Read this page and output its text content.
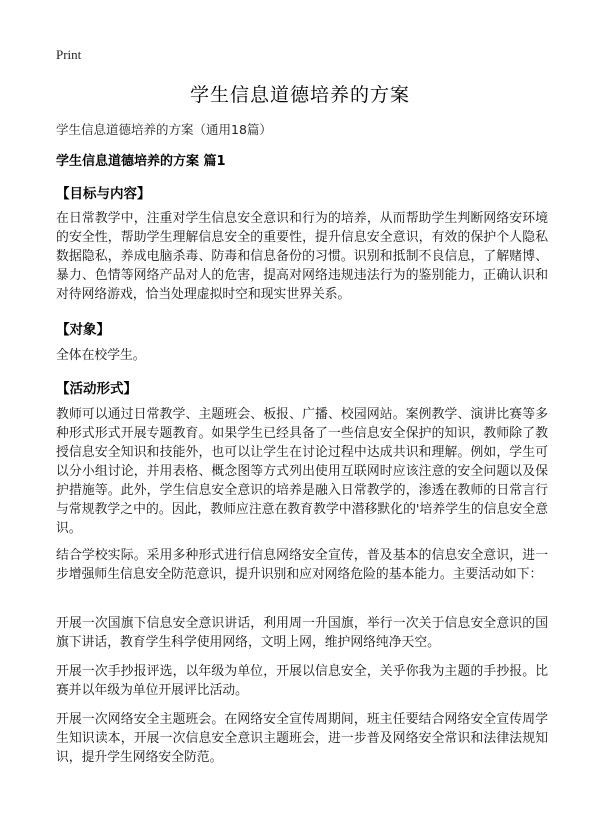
Print
学生信息道德培养的方案
学生信息道德培养的方案（通用18篇）
学生信息道德培养的方案 篇1
【目标与内容】
在日常教学中，注重对学生信息安全意识和行为的培养，从而帮助学生判断网络安环境的安全性，帮助学生理解信息安全的重要性，提升信息安全意识，有效的保护个人隐私数据隐私，养成电脑杀毒、防毒和信息备份的习惯。识别和抵制不良信息，了解赌博、暴力、色情等网络产品对人的危害，提高对网络违规违法行为的鉴别能力，正确认识和对待网络游戏，恰当处理虚拟时空和现实世界关系。
【对象】
全体在校学生。
【活动形式】
教师可以通过日常教学、主题班会、板报、广播、校园网站。案例教学、演讲比赛等多种形式形式开展专题教育。如果学生已经具备了一些信息安全保护的知识，教师除了教授信息安全知识和技能外，也可以让学生在讨论过程中达成共识和理解。例如，学生可以分小组讨论，并用表格、概念图等方式列出使用互联网时应该注意的安全问题以及保护措施等。此外，学生信息安全意识的培养是融入日常教学的，渗透在教师的日常言行与常规教学之中的。因此，教师应注意在教育教学中潜移默化的'培养学生的信息安全意识。
结合学校实际。采用多种形式进行信息网络安全宣传，普及基本的信息安全意识，进一步增强师生信息安全防范意识，提升识别和应对网络危险的基本能力。主要活动如下：
开展一次国旗下信息安全意识讲话，利用周一升国旗，举行一次关于信息安全意识的国旗下讲话，教育学生科学使用网络，文明上网，维护网络纯净天空。
开展一次手抄报评选，以年级为单位，开展以信息安全，关乎你我为主题的手抄报。比赛并以年级为单位开展评比活动。
开展一次网络安全主题班会。在网络安全宣传周期间，班主任要结合网络安全宣传周学生知识读本，开展一次信息安全意识主题班会，进一步普及网络安全常识和法律法规知识，提升学生网络安全防范。
